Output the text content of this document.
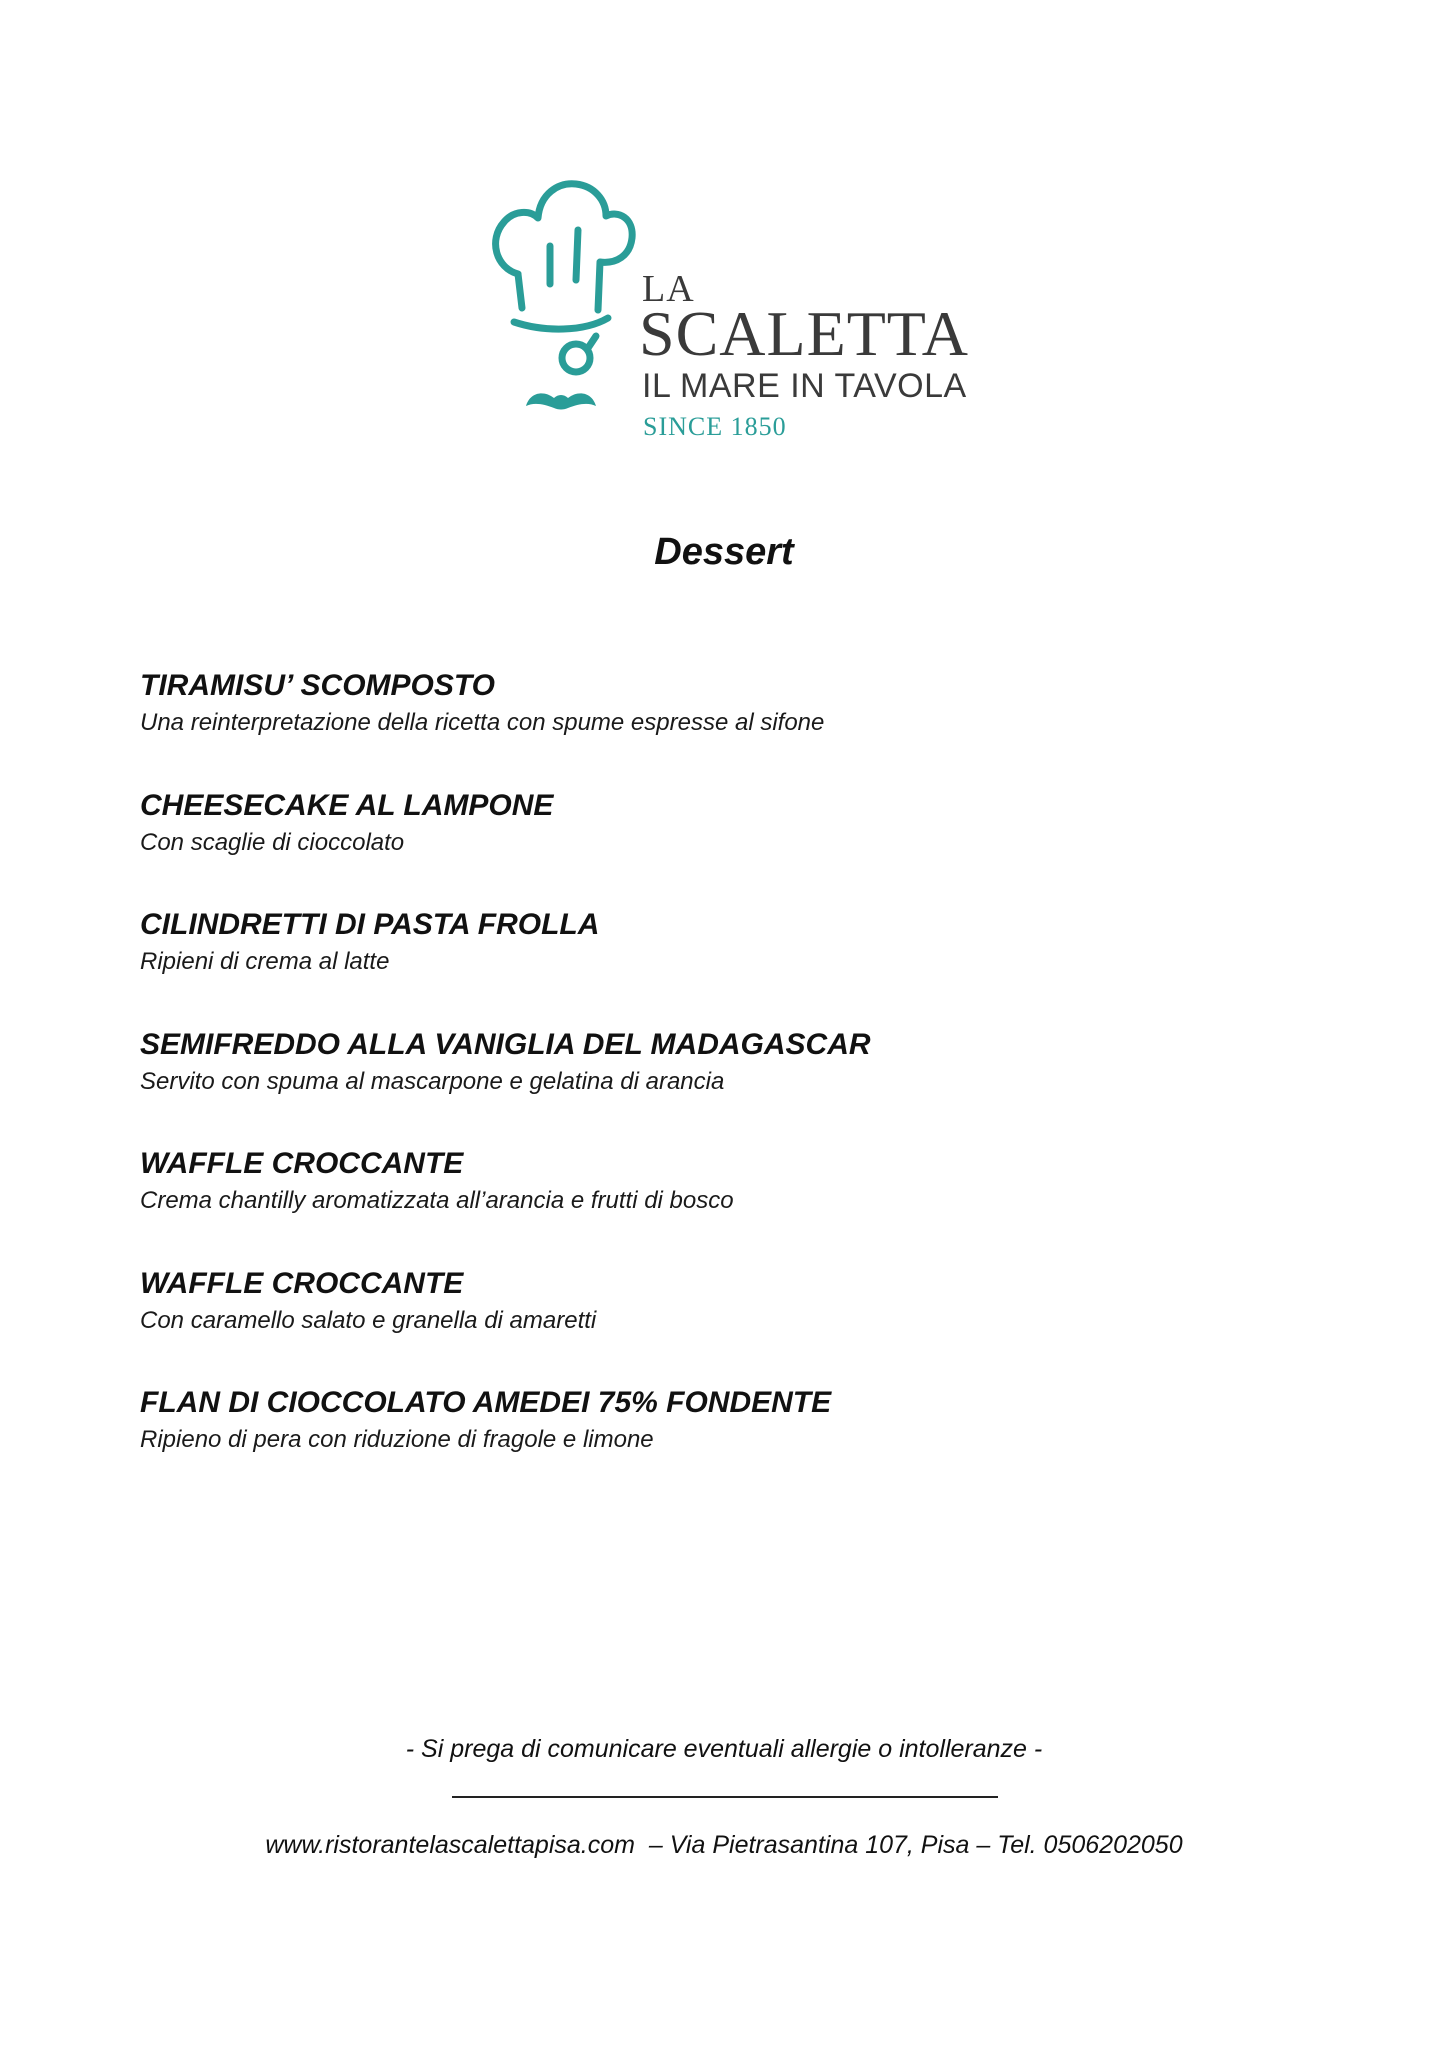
LA
SCALETTA
IL MARE IN TAVOLA
SINCE 1850
Dessert
TIRAMISU’ SCOMPOSTO
Una reinterpretazione della ricetta con spume espresse al sifone
CHEESECAKE AL LAMPONE
Con scaglie di cioccolato
CILINDRETTI DI PASTA FROLLA
Ripieni di crema al latte
SEMIFREDDO ALLA VANIGLIA DEL MADAGASCAR
Servito con spuma al mascarpone e gelatina di arancia
WAFFLE CROCCANTE
Crema chantilly aromatizzata all’arancia e frutti di bosco
WAFFLE CROCCANTE
Con caramello salato e granella di amaretti
FLAN DI CIOCCOLATO AMEDEI 75% FONDENTE
Ripieno di pera con riduzione di fragole e limone
- Si prega di comunicare eventuali allergie o intolleranze -
www.ristorantelascalettapisa.com  – Via Pietrasantina 107, Pisa – Tel. 0506202050
